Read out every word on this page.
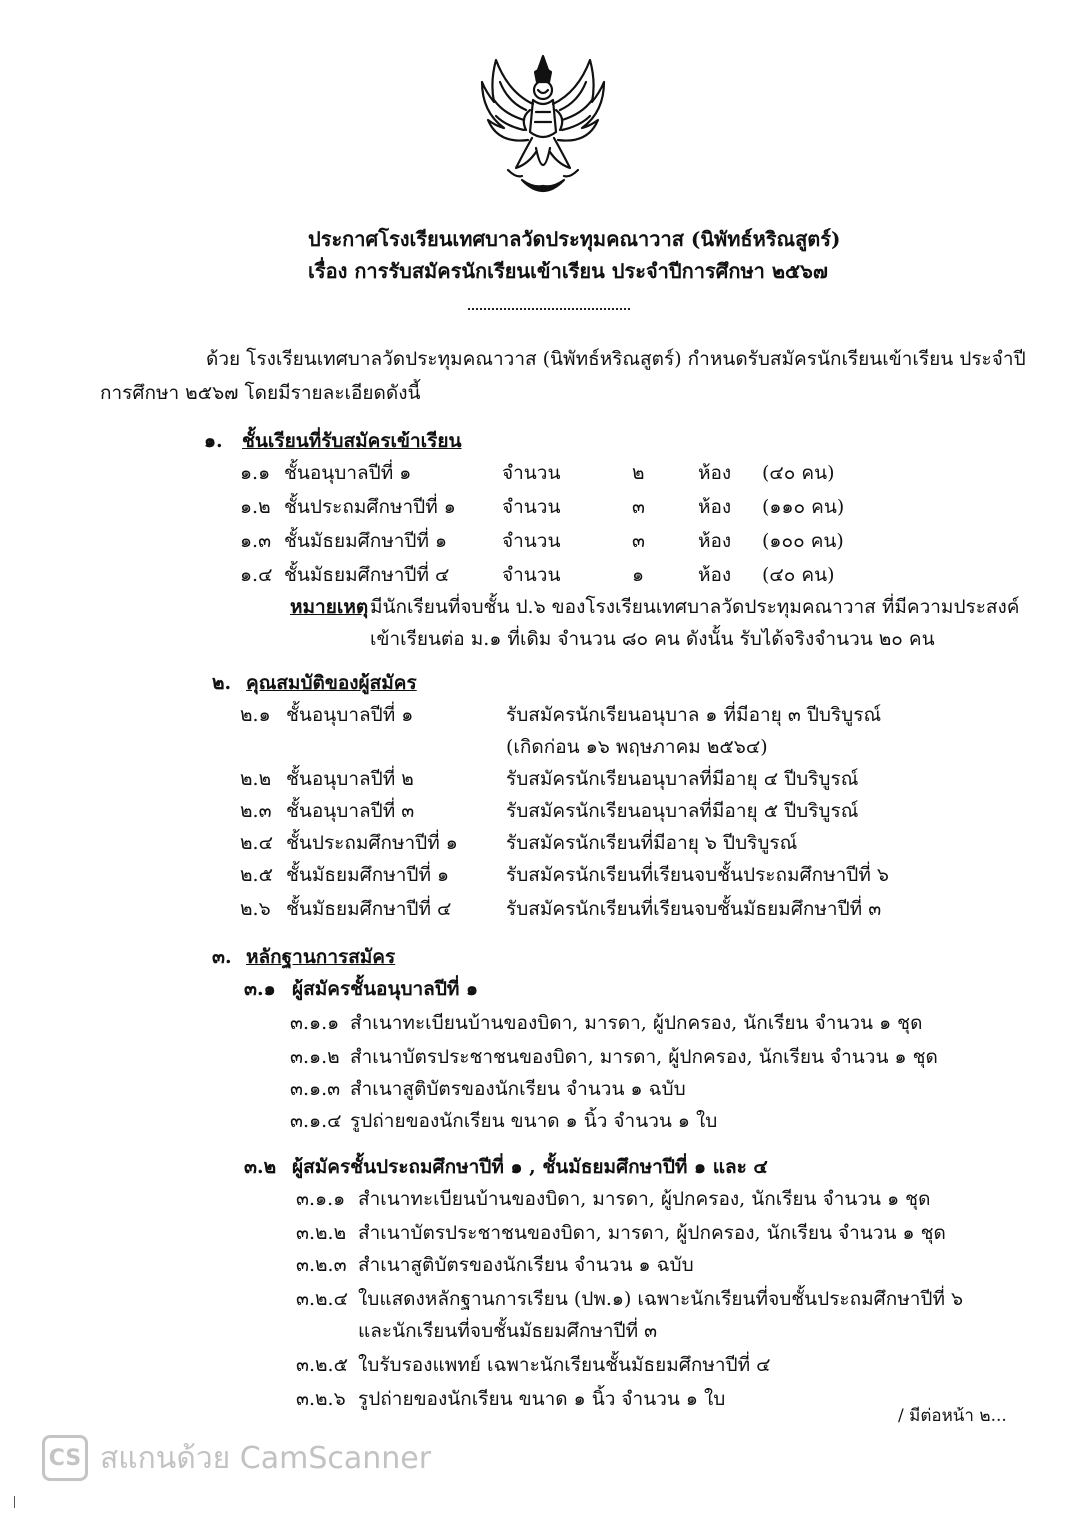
ประกาศโรงเรียนเทศบาลวัดประทุมคณาวาส (นิพัทธ์หริณสูตร์)
เรื่อง การรับสมัครนักเรียนเข้าเรียน ประจำปีการศึกษา ๒๕๖๗
ด้วย โรงเรียนเทศบาลวัดประทุมคณาวาส (นิพัทธ์หริณสูตร์) กำหนดรับสมัครนักเรียนเข้าเรียน ประจำปี
การศึกษา ๒๕๖๗ โดยมีรายละเอียดดังนี้
๑. ชั้นเรียนที่รับสมัครเข้าเรียน
๑.๑ ชั้นอนุบาลปีที่ ๑	จำนวน	๒	ห้อง (๔๐ คน)
๑.๒ ชั้นประถมศึกษาปีที่ ๑ จำนวน	๓	ห้อง (๑๑๐ คน)
๑.๓ ชั้นมัธยมศึกษาปีที่ ๑	จำนวน	๓	ห้อง (๑๐๐ คน)
๑.๔ ชั้นมัธยมศึกษาปีที่ ๔	จำนวน	๑	ห้อง (๔๐ คน)
หมายเหตุ มีนักเรียนที่จบชั้น ป.๖ ของโรงเรียนเทศบาลวัดประทุมคณาวาส ที่มีความประสงค์
เข้าเรียนต่อ ม.๑ ที่เดิม จำนวน ๘๐ คน ดังนั้น รับได้จริงจำนวน ๒๐ คน
๒. คุณสมบัติของผู้สมัคร
๒.๑ ชั้นอนุบาลปีที่ ๑	รับสมัครนักเรียนอนุบาล ๑ ที่มีอายุ ๓ ปีบริบูรณ์
(เกิดก่อน ๑๖ พฤษภาคม ๒๕๖๔)
๒.๒ ชั้นอนุบาลปีที่ ๒	รับสมัครนักเรียนอนุบาลที่มีอายุ ๔ ปีบริบูรณ์
๒.๓ ชั้นอนุบาลปีที่ ๓	รับสมัครนักเรียนอนุบาลที่มีอายุ ๕ ปีบริบูรณ์
๒.๔ ชั้นประถมศึกษาปีที่ ๑	รับสมัครนักเรียนที่มีอายุ ๖ ปีบริบูรณ์
๒.๕ ชั้นมัธยมศึกษาปีที่ ๑	รับสมัครนักเรียนที่เรียนจบชั้นประถมศึกษาปีที่ ๖
๒.๖ ชั้นมัธยมศึกษาปีที่ ๔	รับสมัครนักเรียนที่เรียนจบชั้นมัธยมศึกษาปีที่ ๓
๓. หลักฐานการสมัคร
๓.๑ ผู้สมัครชั้นอนุบาลปีที่ ๑
๓.๑.๑ สำเนาทะเบียนบ้านของบิดา, มารดา, ผู้ปกครอง, นักเรียน จำนวน ๑ ชุด
๓.๑.๒ สำเนาบัตรประชาชนของบิดา, มารดา, ผู้ปกครอง, นักเรียน จำนวน ๑ ชุด
๓.๑.๓ สำเนาสูติบัตรของนักเรียน จำนวน ๑ ฉบับ
๓.๑.๔ รูปถ่ายของนักเรียน ขนาด ๑ นิ้ว จำนวน ๑ ใบ
๓.๒ ผู้สมัครชั้นประถมศึกษาปีที่ ๑ , ชั้นมัธยมศึกษาปีที่ ๑ และ ๔
๓.๑.๑ สำเนาทะเบียนบ้านของบิดา, มารดา, ผู้ปกครอง, นักเรียน จำนวน ๑ ชุด
๓.๒.๒ สำเนาบัตรประชาชนของบิดา, มารดา, ผู้ปกครอง, นักเรียน จำนวน ๑ ชุด
๓.๒.๓ สำเนาสูติบัตรของนักเรียน จำนวน ๑ ฉบับ
๓.๒.๔ ใบแสดงหลักฐานการเรียน (ปพ.๑) เฉพาะนักเรียนที่จบชั้นประถมศึกษาปีที่ ๖
และนักเรียนที่จบชั้นมัธยมศึกษาปีที่ ๓
๓.๒.๕ ใบรับรองแพทย์ เฉพาะนักเรียนชั้นมัธยมศึกษาปีที่ ๔
๓.๒.๖ รูปถ่ายของนักเรียน ขนาด ๑ นิ้ว จำนวน ๑ ใบ
/ มีต่อหน้า ๒...
CS สแกนด้วย CamScanner
